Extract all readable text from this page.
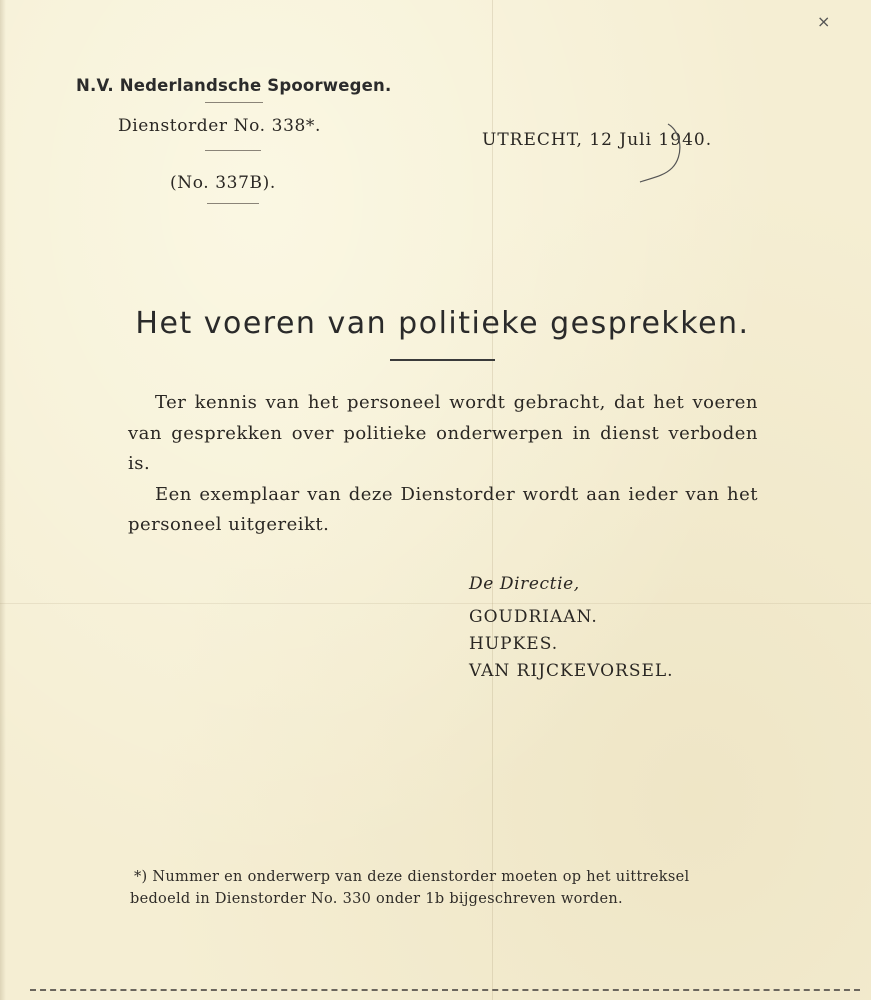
×
N.V. Nederlandsche Spoorwegen.
Dienstorder No. 338*.
(No. 337B).
UTRECHT, 12 Juli 1940.
Het voeren van politieke gesprekken.

Ter kennis van het personeel wordt gebracht, dat het voeren van gesprekken over politieke onderwerpen in dienst verboden is.

Een exemplaar van deze Dienstorder wordt aan ieder van het personeel uitgereikt.

De Directie,
GOUDRIAAN.
HUPKES.
VAN RIJCKEVORSEL.

*) Nummer en onderwerp van deze dienstorder moeten op het uittreksel

bedoeld in Dienstorder No. 330 onder 1b bijgeschreven worden.
